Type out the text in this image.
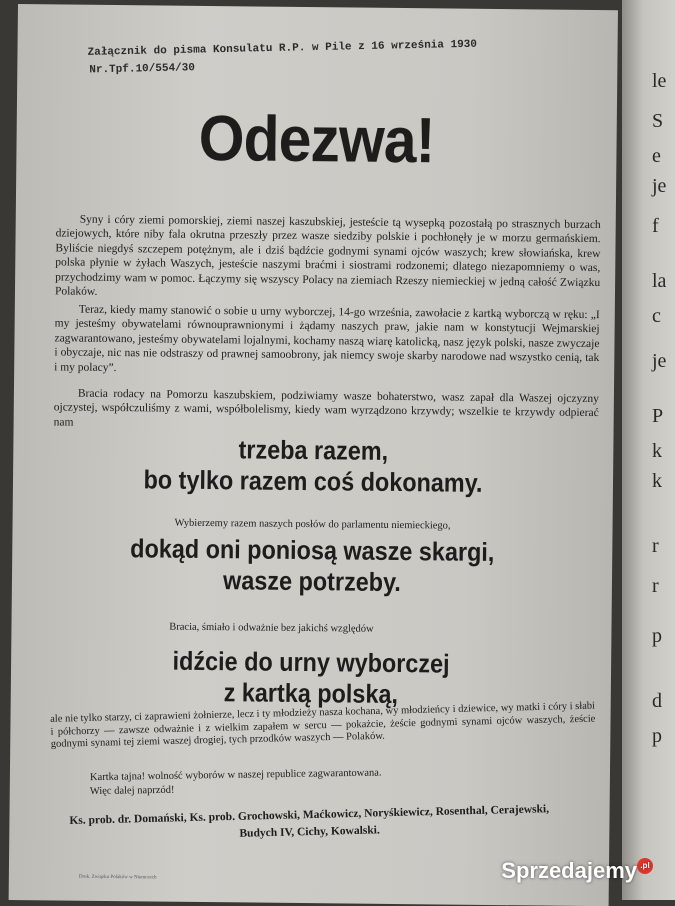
le
S
e
je
f
la
c
je
P
k
k
r
r
p
d
p
Załącznik do pisma Konsulatu R.P. w Pile z 16 września 1930
Nr.Tpf.10/554/30
Odezwa!
Syny i córy ziemi pomorskiej, ziemi naszej kaszubskiej, jesteście tą wysepką pozostałą po strasznych burzach dziejowych, które niby fala okrutna przeszły przez wasze siedziby polskie i pochłonęły je w morzu germańskiem. Byliście niegdyś szczepem potężnym, ale i dziś bądźcie godnymi synami ojców waszych; krew słowiańska, krew polska płynie w żyłach Waszych, jesteście naszymi braćmi i siostrami rodzonemi; dlatego niezapomniemy o was, przychodzimy wam w pomoc. Łączymy się wszyscy Polacy na ziemiach Rzeszy niemieckiej w jedną całość Związku Polaków.
Teraz, kiedy mamy stanowić o sobie u urny wyborczej, 14-go września, zawołacie z kartką wyborczą w ręku: „I my jesteśmy obywatelami równouprawnionymi i żądamy naszych praw, jakie nam w konstytucji Wejmarskiej zagwarantowano, jesteśmy obywatelami lojalnymi, kochamy naszą wiarę katolicką, nasz język polski, nasze zwyczaje i obyczaje, nic nas nie odstraszy od prawnej samoobrony, jak niemcy swoje skarby narodowe nad wszystko cenią, tak i my polacy”.
Bracia rodacy na Pomorzu kaszubskiem, podziwiamy wasze bohaterstwo, wasz zapał dla Waszej ojczyzny ojczystej, współczuliśmy z wami, współbolelismy, kiedy wam wyrządzono krzywdy; wszelkie te krzywdy odpierać nam
trzeba razem,
bo tylko razem coś dokonamy.
Wybierzemy razem naszych posłów do parlamentu niemieckiego,
dokąd oni poniosą wasze skargi,
wasze potrzeby.
Bracia, śmiało i odważnie bez jakichś względów
idźcie do urny wyborczej
z kartką polską,
ale nie tylko starzy, ci zaprawieni żołnierze, lecz i ty młodzieży nasza kochana, wy młodzieńcy i dziewice, wy matki i córy i słabi i półchorzy — zawsze odważnie i z wielkim zapałem w sercu — pokażcie, żeście godnymi synami ojców waszych, żeście godnymi synami tej ziemi waszej drogiej, tych przodków waszych — Polaków.
Kartka tajna! wolność wyborów w naszej republice zagwarantowana.
Więc dalej naprzód!
Ks. prob. dr. Domański, Ks. prob. Grochowski, Maćkowicz, Noryśkiewicz, Rosenthal, Cerajewski,
Budych IV, Cichy, Kowalski.
Druk. Związku Polaków w Niemczech	Sprzedajemy .pl
